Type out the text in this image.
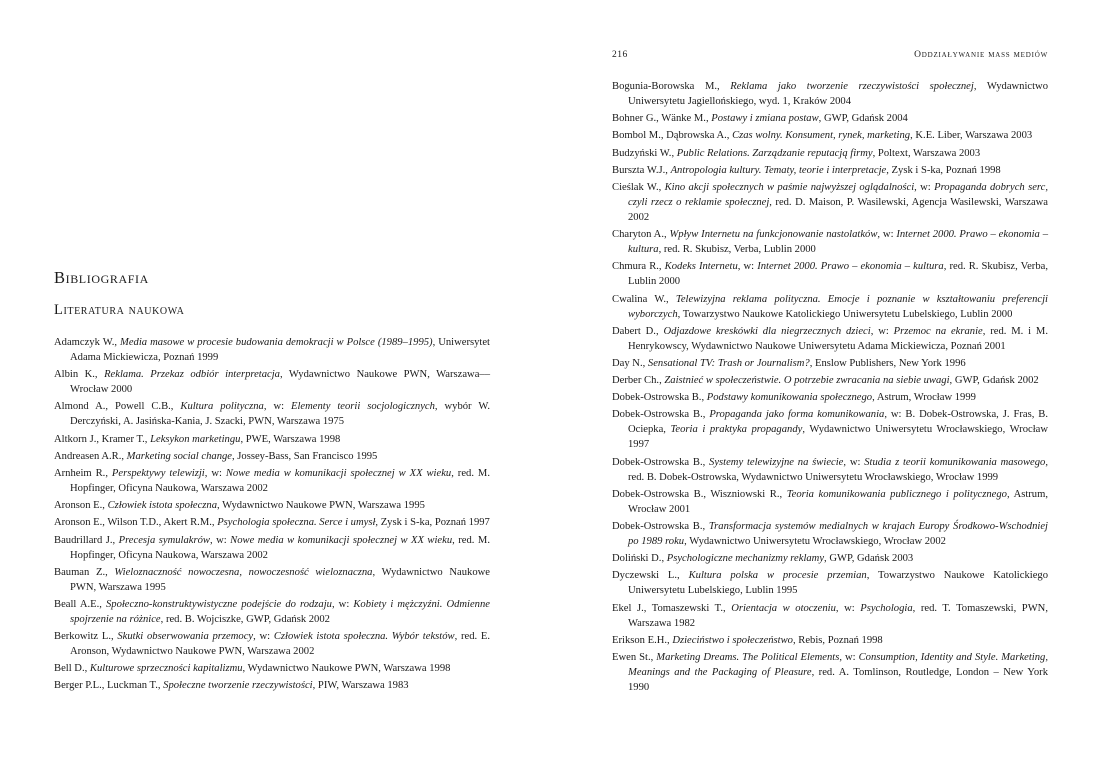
Bibliografia
Literatura naukowa
Adamczyk W., Media masowe w procesie budowania demokracji w Polsce (1989–1995), Uniwersytet Adama Mickiewicza, Poznań 1999
Albin K., Reklama. Przekaz odbiór interpretacja, Wydawnictwo Naukowe PWN, Warszawa––Wrocław 2000
Almond A., Powell C.B., Kultura polityczna, w: Elementy teorii socjologicznych, wybór W. Derczyński, A. Jasińska-Kania, J. Szacki, PWN, Warszawa 1975
Altkorn J., Kramer T., Leksykon marketingu, PWE, Warszawa 1998
Andreasen A.R., Marketing social change, Jossey-Bass, San Francisco 1995
Arnheim R., Perspektywy telewizji, w: Nowe media w komunikacji społecznej w XX wieku, red. M. Hopfinger, Oficyna Naukowa, Warszawa 2002
Aronson E., Człowiek istota społeczna, Wydawnictwo Naukowe PWN, Warszawa 1995
Aronson E., Wilson T.D., Akert R.M., Psychologia społeczna. Serce i umysł, Zysk i S-ka, Poznań 1997
Baudrillard J., Precesja symulakrów, w: Nowe media w komunikacji społecznej w XX wieku, red. M. Hopfinger, Oficyna Naukowa, Warszawa 2002
Bauman Z., Wieloznaczność nowoczesna, nowoczesność wieloznaczna, Wydawnictwo Naukowe PWN, Warszawa 1995
Beall A.E., Społeczno-konstruktywistyczne podejście do rodzaju, w: Kobiety i mężczyźni. Odmienne spojrzenie na różnice, red. B. Wojciszke, GWP, Gdańsk 2002
Berkowitz L., Skutki obserwowania przemocy, w: Człowiek istota społeczna. Wybór tekstów, red. E. Aronson, Wydawnictwo Naukowe PWN, Warszawa 2002
Bell D., Kulturowe sprzeczności kapitalizmu, Wydawnictwo Naukowe PWN, Warszawa 1998
Berger P.L., Luckman T., Społeczne tworzenie rzeczywistości, PIW, Warszawa 1983
216	Oddziaływanie mass mediów
Bogunia-Borowska M., Reklama jako tworzenie rzeczywistości społecznej, Wydawnictwo Uniwersytetu Jagiellońskiego, wyd. 1, Kraków 2004
Bohner G., Wänke M., Postawy i zmiana postaw, GWP, Gdańsk 2004
Bombol M., Dąbrowska A., Czas wolny. Konsument, rynek, marketing, K.E. Liber, Warszawa 2003
Budzyński W., Public Relations. Zarządzanie reputacją firmy, Poltext, Warszawa 2003
Burszta W.J., Antropologia kultury. Tematy, teorie i interpretacje, Zysk i S-ka, Poznań 1998
Cieślak W., Kino akcji społecznych w paśmie najwyższej oglądalności, w: Propaganda dobrych serc, czyli rzecz o reklamie społecznej, red. D. Maison, P. Wasilewski, Agencja Wasilewski, Warszawa 2002
Charyton A., Wpływ Internetu na funkcjonowanie nastolatków, w: Internet 2000. Prawo – ekonomia – kultura, red. R. Skubisz, Verba, Lublin 2000
Chmura R., Kodeks Internetu, w: Internet 2000. Prawo – ekonomia – kultura, red. R. Skubisz, Verba, Lublin 2000
Cwalina W., Telewizyjna reklama polityczna. Emocje i poznanie w kształtowaniu preferencji wyborczych, Towarzystwo Naukowe Katolickiego Uniwersytetu Lubelskiego, Lublin 2000
Dabert D., Odjazdowe kreskówki dla niegrzecznych dzieci, w: Przemoc na ekranie, red. M. i M. Henrykowscy, Wydawnictwo Naukowe Uniwersytetu Adama Mickiewicza, Poznań 2001
Day N., Sensational TV: Trash or Journalism?, Enslow Publishers, New York 1996
Derber Ch., Zaistnieć w społeczeństwie. O potrzebie zwracania na siebie uwagi, GWP, Gdańsk 2002
Dobek-Ostrowska B., Podstawy komunikowania społecznego, Astrum, Wrocław 1999
Dobek-Ostrowska B., Propaganda jako forma komunikowania, w: B. Dobek-Ostrowska, J. Fras, B. Ociepka, Teoria i praktyka propagandy, Wydawnictwo Uniwersytetu Wrocławskiego, Wrocław 1997
Dobek-Ostrowska B., Systemy telewizyjne na świecie, w: Studia z teorii komunikowania masowego, red. B. Dobek-Ostrowska, Wydawnictwo Uniwersytetu Wrocławskiego, Wrocław 1999
Dobek-Ostrowska B., Wiszniowski R., Teoria komunikowania publicznego i politycznego, Astrum, Wrocław 2001
Dobek-Ostrowska B., Transformacja systemów medialnych w krajach Europy Środkowo-Wschodniej po 1989 roku, Wydawnictwo Uniwersytetu Wrocławskiego, Wrocław 2002
Doliński D., Psychologiczne mechanizmy reklamy, GWP, Gdańsk 2003
Dyczewski L., Kultura polska w procesie przemian, Towarzystwo Naukowe Katolickiego Uniwersytetu Lubelskiego, Lublin 1995
Ekel J., Tomaszewski T., Orientacja w otoczeniu, w: Psychologia, red. T. Tomaszewski, PWN, Warszawa 1982
Erikson E.H., Dzieciństwo i społeczeństwo, Rebis, Poznań 1998
Ewen St., Marketing Dreams. The Political Elements, w: Consumption, Identity and Style. Marketing, Meanings and the Packaging of Pleasure, red. A. Tomlinson, Routledge, London – New York 1990
